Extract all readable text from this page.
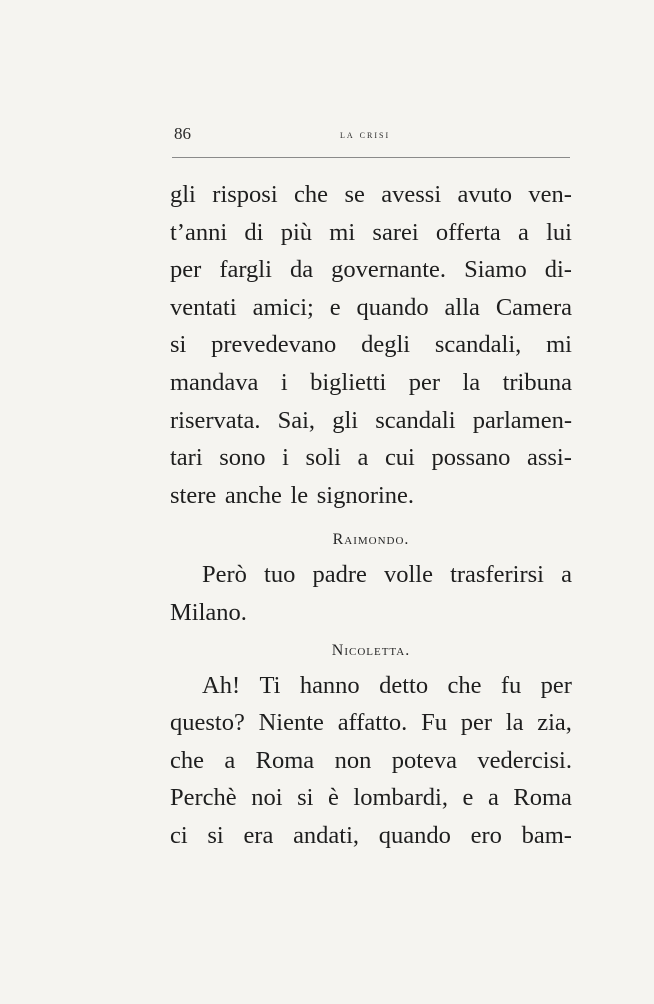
86	la crisi
gli risposi che se avessi avuto ven-
t’anni di più mi sarei offerta a lui
per fargli da governante. Siamo di-
ventati amici; e quando alla Camera
si prevedevano degli scandali, mi
mandava i biglietti per la tribuna
riservata. Sai, gli scandali parlamen-
tari sono i soli a cui possano assi-
stere anche le signorine.
Raimondo.
Però tuo padre volle trasferirsi a
Milano.
Nicoletta.
Ah! Ti hanno detto che fu per
questo? Niente affatto. Fu per la zia,
che a Roma non poteva vedercisi.
Perchè noi si è lombardi, e a Roma
ci si era andati, quando ero bam-
